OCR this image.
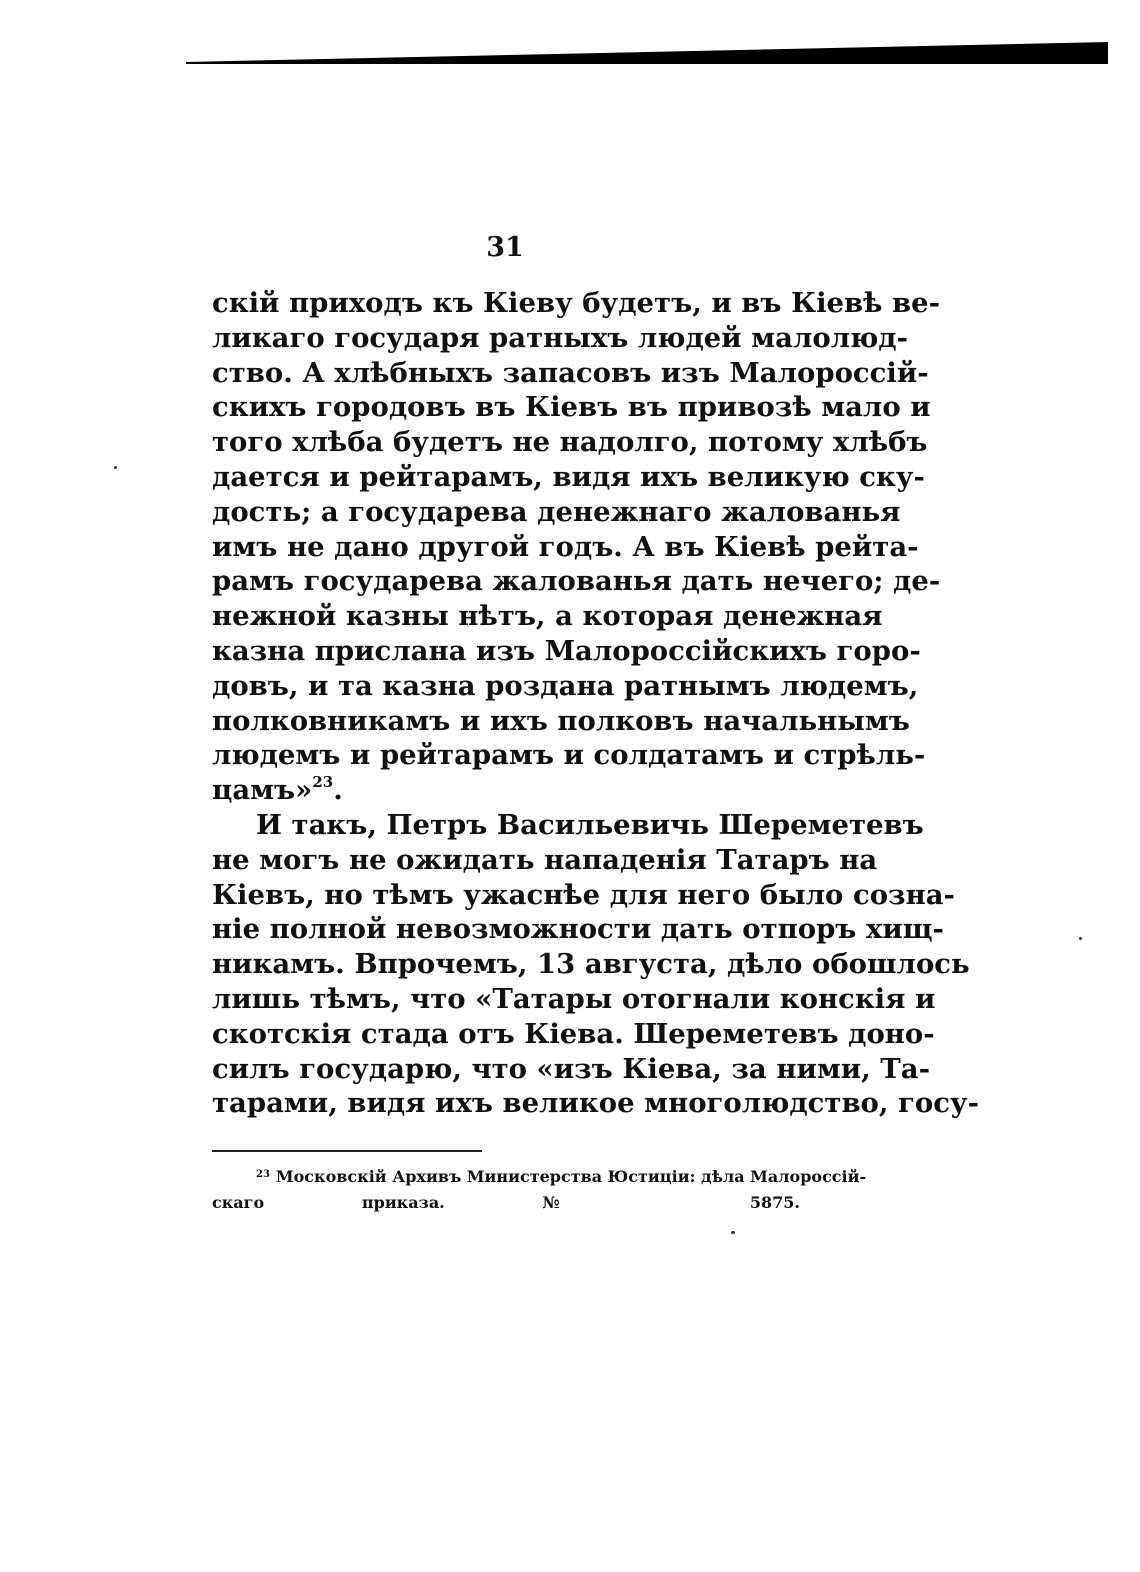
31
скій приходъ къ Кіеву будетъ, и въ Кіевѣ ве-
ликаго государя ратныхъ людей малолюд-
ство. А хлѣбныхъ запасовъ изъ Малороссій-
скихъ городовъ въ Кіевъ въ привозѣ мало и
того хлѣба будетъ не надолго, потому хлѣбъ
дается и рейтарамъ, видя ихъ великую ску-
дость; а государева денежнаго жалованья
имъ не дано другой годъ. А въ Кіевѣ рейта-
рамъ государева жалованья дать нечего; де-
нежной казны нѣтъ, а которая денежная
казна прислана изъ Малороссійскихъ горо-
довъ, и та казна роздана ратнымъ людемъ,
полковникамъ и ихъ полковъ начальнымъ
людемъ и рейтарамъ и солдатамъ и стрѣль-
цамъ»$^{23}$.
И такъ, Петръ Васильевичь Шереметевъ
не могъ не ожидать нападенія Татаръ на
Кіевъ, но тѣмъ ужаснѣе для него было созна-
ніе полной невозможности дать отпоръ хищ-
никамъ. Впрочемъ, 13 августа, дѣло обошлось
лишь тѣмъ, что «Татары отогнали конскія и
скотскія стада отъ Кіева. Шереметевъ доно-
силъ государю, что «изъ Кіева, за ними, Та-
тарами, видя ихъ великое многолюдство, госу-
$^{23}$ Московскій Архивъ Министерства Юстиціи: дѣла Малороссій-
скаго приказа. № 5875.
